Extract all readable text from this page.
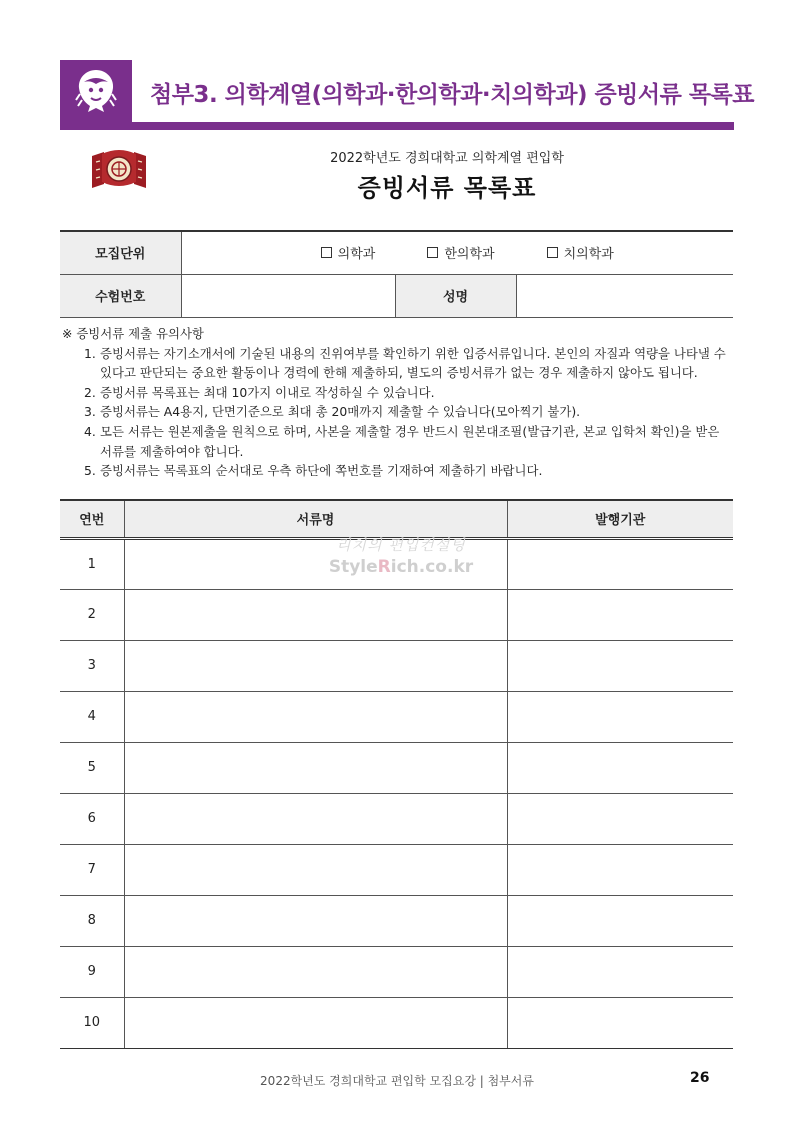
첨부3. 의학계열(의학과·한의학과·치의학과) 증빙서류 목록표
2022학년도 경희대학교 의학계열 편입학
증빙서류 목록표
모집단위	의학과 한의학과 치의학과		

수험번호		성명	
※ 증빙서류 제출 유의사항
1. 증빙서류는 자기소개서에 기술된 내용의 진위여부를 확인하기 위한 입증서류입니다. 본인의 자질과 역량을 나타낼 수 있다고 판단되는 중요한 활동이나 경력에 한해 제출하되, 별도의 증빙서류가 없는 경우 제출하지 않아도 됩니다.
2. 증빙서류 목록표는 최대 10가지 이내로 작성하실 수 있습니다.
3. 증빙서류는 A4용지, 단면기준으로 최대 총 20매까지 제출할 수 있습니다(모아찍기 불가).
4. 모든 서류는 원본제출을 원칙으로 하며, 사본을 제출할 경우 반드시 원본대조필(발급기관, 본교 입학처 확인)을 받은 서류를 제출하여야 합니다.
5. 증빙서류는 목록표의 순서대로 우측 하단에 쪽번호를 기재하여 제출하기 바랍니다.
연번	서류명	발행기관
1		
2		
3		
4		
5		
6		
7		
8		
9		
10		
리치의 편입컨설팅
StyleRich.co.kr
2022학년도 경희대학교 편입학 모집요강 | 첨부서류	26
